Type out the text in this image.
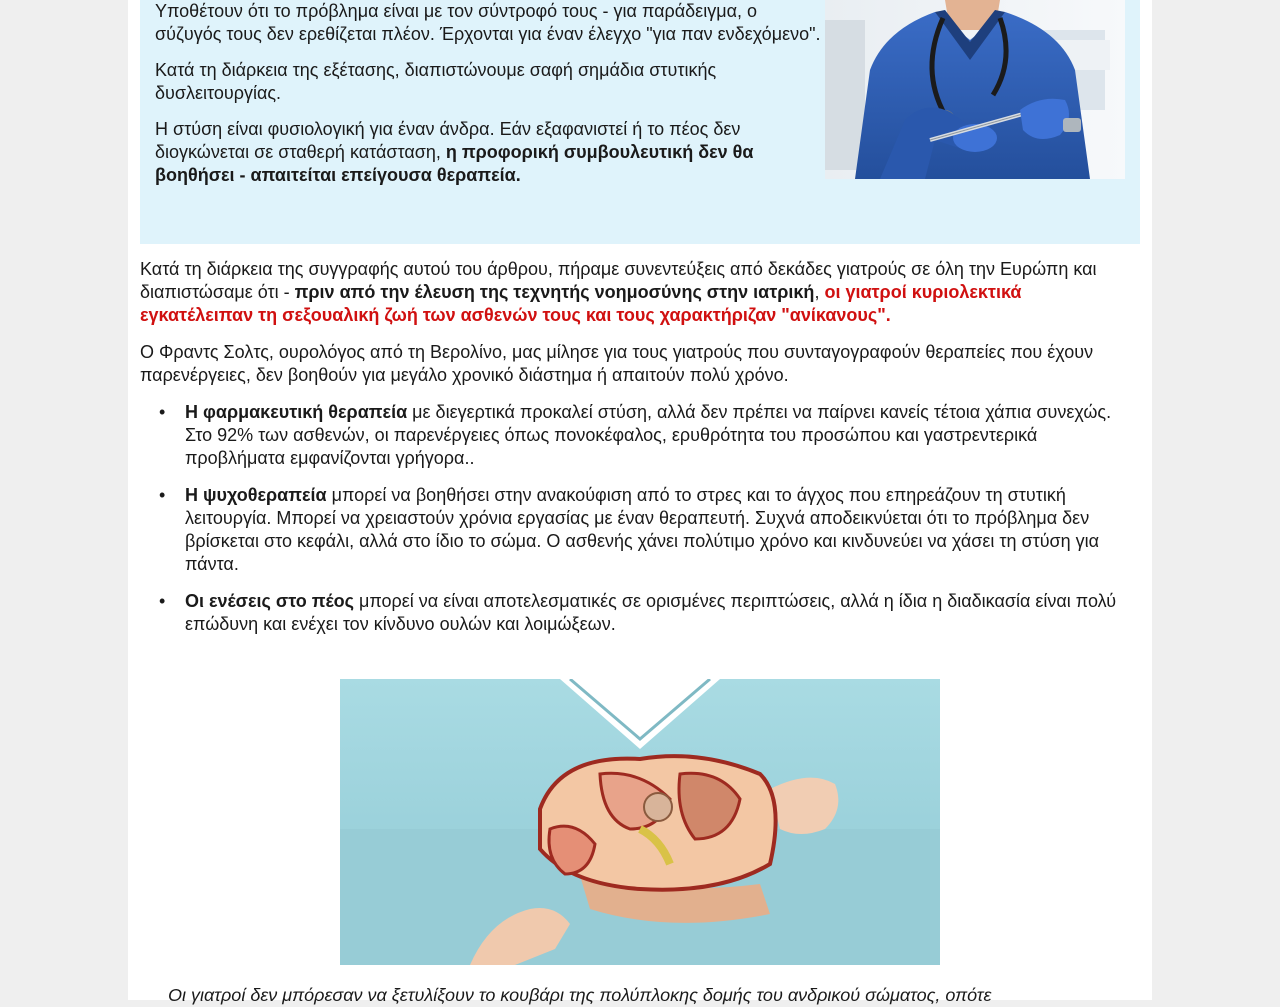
Υποθέτουν ότι το πρόβλημα είναι με τον σύντροφό τους - για παράδειγμα, ο σύζυγός τους δεν ερεθίζεται πλέον. Έρχονται για έναν έλεγχο "για παν ενδεχόμενο".

Κατά τη διάρκεια της εξέτασης, διαπιστώνουμε σαφή σημάδια στυτικής δυσλειτουργίας.

Η στύση είναι φυσιολογική για έναν άνδρα. Εάν εξαφανιστεί ή το πέος δεν διογκώνεται σε σταθερή κατάσταση, η προφορική συμβουλευτική δεν θα βοηθήσει - απαιτείται επείγουσα θεραπεία.

Κατά τη διάρκεια της συγγραφής αυτού του άρθρου, πήραμε συνεντεύξεις από δεκάδες γιατρούς σε όλη την Ευρώπη και διαπιστώσαμε ότι - πριν από την έλευση της τεχνητής νοημοσύνης στην ιατρική, οι γιατροί κυριολεκτικά εγκατέλειπαν τη σεξουαλική ζωή των ασθενών τους και τους χαρακτήριζαν "ανίκανους".

Ο Φραντς Σολτς, ουρολόγος από τη Βερολίνο, μας μίλησε για τους γιατρούς που συνταγογραφούν θεραπείες που έχουν παρενέργειες, δεν βοηθούν για μεγάλο χρονικό διάστημα ή απαιτούν πολύ χρόνο.

• Η φαρμακευτική θεραπεία με διεγερτικά προκαλεί στύση, αλλά δεν πρέπει να παίρνει κανείς τέτοια χάπια συνεχώς. Στο 92% των ασθενών, οι παρενέργειες όπως πονοκέφαλος, ερυθρότητα του προσώπου και γαστρεντερικά προβλήματα εμφανίζονται γρήγορα..
• Η ψυχοθεραπεία μπορεί να βοηθήσει στην ανακούφιση από το στρες και το άγχος που επηρεάζουν τη στυτική λειτουργία. Μπορεί να χρειαστούν χρόνια εργασίας με έναν θεραπευτή. Συχνά αποδεικνύεται ότι το πρόβλημα δεν βρίσκεται στο κεφάλι, αλλά στο ίδιο το σώμα. Ο ασθενής χάνει πολύτιμο χρόνο και κινδυνεύει να χάσει τη στύση για πάντα.
• Οι ενέσεις στο πέος μπορεί να είναι αποτελεσματικές σε ορισμένες περιπτώσεις, αλλά η ίδια η διαδικασία είναι πολύ επώδυνη και ενέχει τον κίνδυνο ουλών και λοιμώξεων.
Οι γιατροί δεν μπόρεσαν να ξετυλίξουν το κουβάρι της πολύπλοκης δομής του ανδρικού σώματος, οπότε
